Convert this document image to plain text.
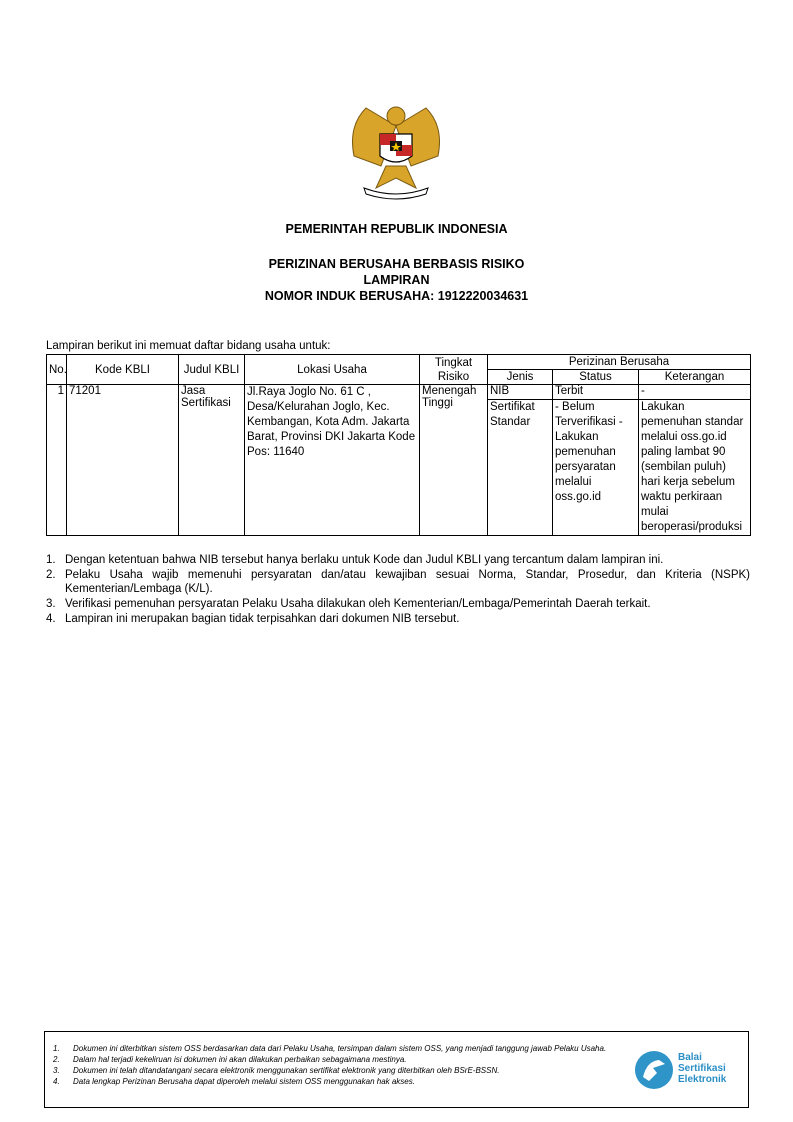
PEMERINTAH REPUBLIK INDONESIA
PERIZINAN BERUSAHA BERBASIS RISIKO
LAMPIRAN
NOMOR INDUK BERUSAHA: 1912220034631
Lampiran berikut ini memuat daftar bidang usaha untuk:
No.	Kode KBLI	Judul KBLI	Lokasi Usaha	Tingkat Risiko	Perizinan Berusaha		
					Jenis	Status	Keterangan
1	71201	Jasa Sertifikasi	Jl.Raya Joglo No. 61 C , Desa/Kelurahan Joglo, Kec. Kembangan, Kota Adm. Jakarta Barat, Provinsi DKI Jakarta Kode Pos: 11640	Menengah Tinggi	NIB	Terbit	-
					Sertifikat Standar	- Belum Terverifikasi - Lakukan pemenuhan persyaratan melalui oss.go.id	Lakukan pemenuhan standar melalui oss.go.id paling lambat 90 (sembilan puluh) hari kerja sebelum waktu perkiraan mulai beroperasi/produksi
1. Dengan ketentuan bahwa NIB tersebut hanya berlaku untuk Kode dan Judul KBLI yang tercantum dalam lampiran ini.
2. Pelaku Usaha wajib memenuhi persyaratan dan/atau kewajiban sesuai Norma, Standar, Prosedur, dan Kriteria (NSPK) Kementerian/Lembaga (K/L).
3. Verifikasi pemenuhan persyaratan Pelaku Usaha dilakukan oleh Kementerian/Lembaga/Pemerintah Daerah terkait.
4. Lampiran ini merupakan bagian tidak terpisahkan dari dokumen NIB tersebut.
1.	Dokumen ini diterbitkan sistem OSS berdasarkan data dari Pelaku Usaha, tersimpan dalam sistem OSS, yang menjadi tanggung jawab Pelaku Usaha.
2.	Dalam hal terjadi kekeliruan isi dokumen ini akan dilakukan perbaikan sebagaimana mestinya.
3.	Dokumen ini telah ditandatangani secara elektronik menggunakan sertifikat elektronik yang diterbitkan oleh BSrE-BSSN.
4.	Data lengkap Perizinan Berusaha dapat diperoleh melalui sistem OSS menggunakan hak akses.
Balai
Sertifikasi
Elektronik
